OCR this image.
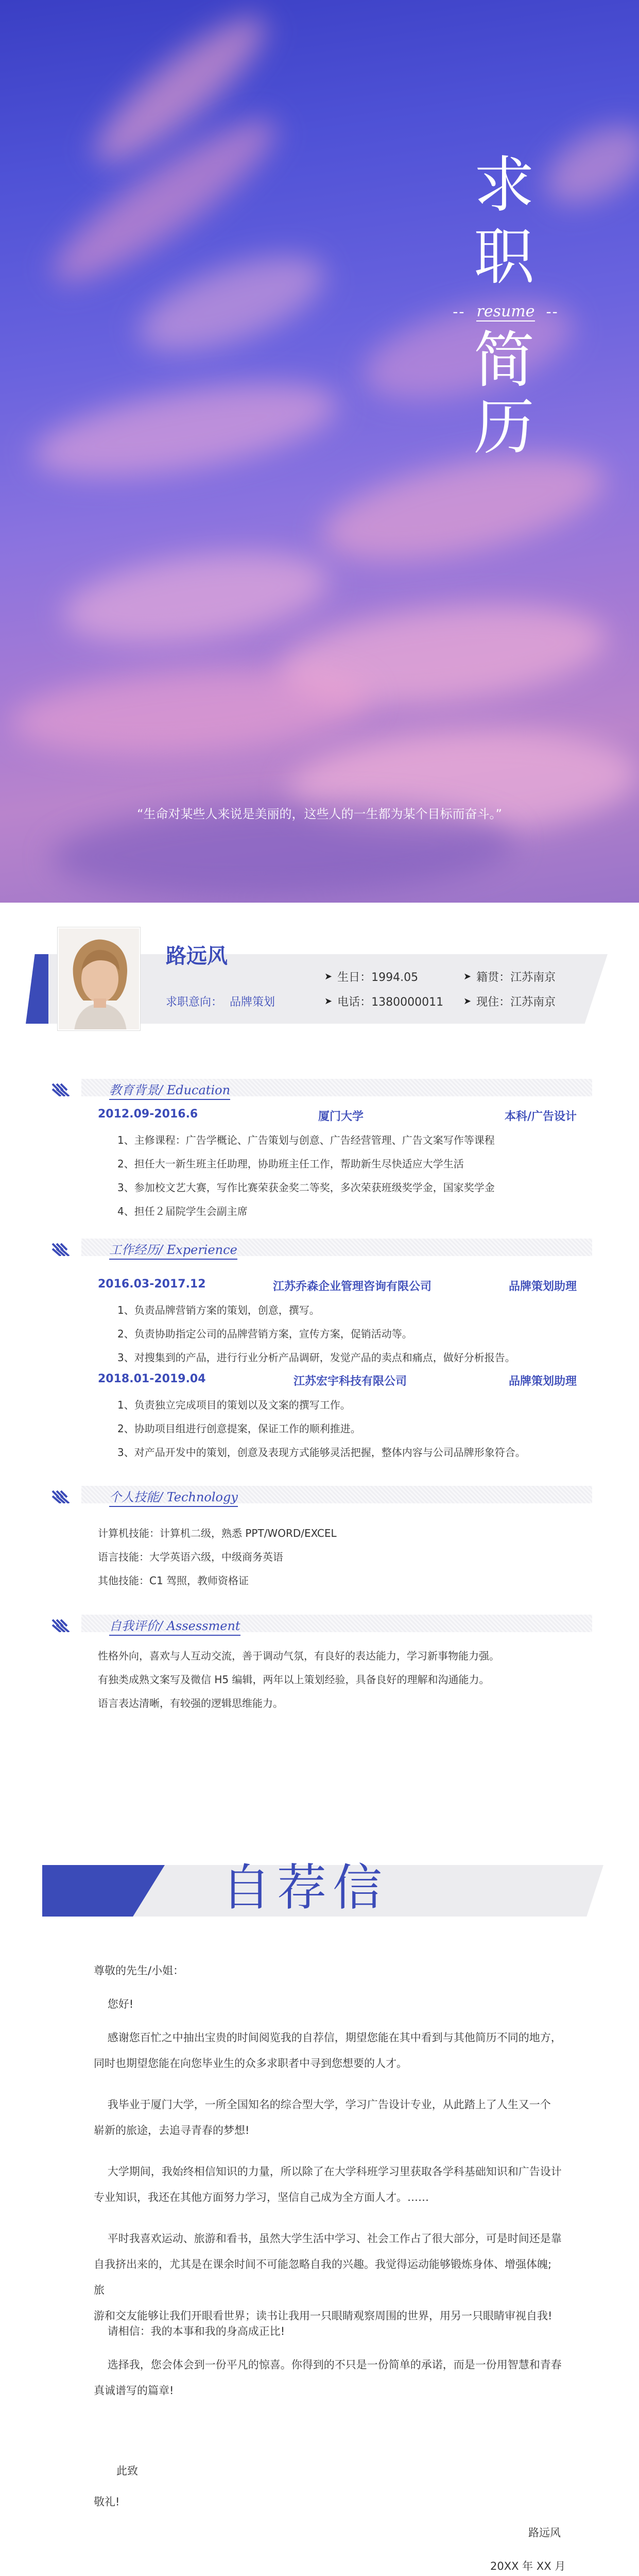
求
职
-- resume --
简
历
“生命对某些人来说是美丽的，这些人的一生都为某个目标而奋斗。”
路远风
求职意向： 品牌策划
➤ 生日：1994.05	➤ 籍贯：江苏南京
➤ 电话：1380000011 ➤ 现住：江苏南京
教育背景/ Education
2012.09-2016.6	厦门大学	本科/广告设计
1、主修课程：广告学概论、广告策划与创意、广告经营管理、广告文案写作等课程
2、担任大一新生班主任助理，协助班主任工作，帮助新生尽快适应大学生活
3、参加校文艺大赛，写作比赛荣获金奖二等奖，多次荣获班级奖学金，国家奖学金
4、担任２届院学生会副主席
工作经历/ Experience
2016.03-2017.12	江苏乔森企业管理咨询有限公司	品牌策划助理
1、负责品牌营销方案的策划，创意，撰写。
2、负责协助指定公司的品牌营销方案，宣传方案，促销活动等。
3、对搜集到的产品，进行行业分析产品调研，发觉产品的卖点和痛点，做好分析报告。
2018.01-2019.04	江苏宏宇科技有限公司	品牌策划助理
1、负责独立完成项目的策划以及文案的撰写工作。
2、协助项目组进行创意提案，保证工作的顺利推进。
3、对产品开发中的策划，创意及表现方式能够灵活把握，整体内容与公司品牌形象符合。
个人技能/ Technology
计算机技能：计算机二级，熟悉 PPT/WORD/EXCEL
语言技能：大学英语六级，中级商务英语
其他技能：C1 驾照，教师资格证
自我评价/ Assessment
性格外向，喜欢与人互动交流，善于调动气氛，有良好的表达能力，学习新事物能力强。
有独类成熟文案写及微信 H5 编辑，两年以上策划经验，具备良好的理解和沟通能力。
语言表达清晰，有较强的逻辑思维能力。
自荐信
尊敬的先生/小姐：
您好!
感谢您百忙之中抽出宝贵的时间阅览我的自荐信，期望您能在其中看到与其他简历不同的地方，
同时也期望您能在向您毕业生的众多求职者中寻到您想要的人才。
我毕业于厦门大学，一所全国知名的综合型大学，学习广告设计专业，从此踏上了人生又一个
崭新的旅途，去追寻青春的梦想!
大学期间，我始终相信知识的力量，所以除了在大学科班学习里获取各学科基础知识和广告设计
专业知识，我还在其他方面努力学习，坚信自己成为全方面人才。……
平时我喜欢运动、旅游和看书，虽然大学生活中学习、社会工作占了很大部分，可是时间还是靠
自我挤出来的，尤其是在课余时间不可能忽略自我的兴趣。我觉得运动能够锻炼身体、增强体魄; 旅
游和交友能够让我们开眼看世界；读书让我用一只眼睛观察周围的世界，用另一只眼睛审视自我!
请相信：我的本事和我的身高成正比!
选择我，您会体会到一份平凡的惊喜。你得到的不只是一份简单的承诺，而是一份用智慧和青春
真诚谱写的篇章!
此致
敬礼!
路远风
20XX 年 XX 月
